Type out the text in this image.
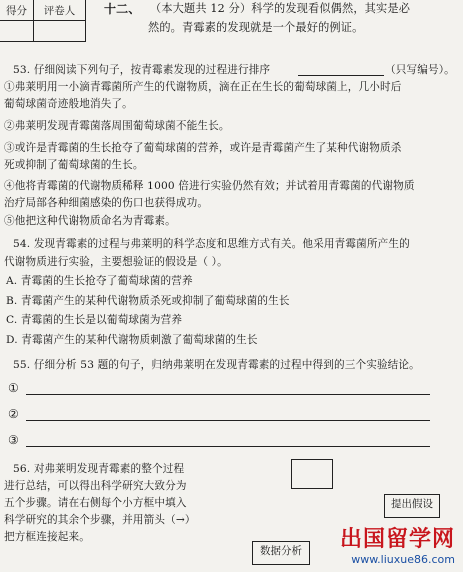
得分	评卷人
	十二、 （本大题共 12 分）科学的发现看似偶然，其实是必
然的。青霉素的发现就是一个最好的例证。
53. 仔细阅读下列句子，按青霉素发现的过程进行排序	（只写编号）。
①弗莱明用一小滴青霉菌所产生的代谢物质，滴在正在生长的葡萄球菌上，几小时后
葡萄球菌奇迹般地消失了。
②弗莱明发现青霉菌落周围葡萄球菌不能生长。
③或许是青霉菌的生长抢夺了葡萄球菌的营养，或许是青霉菌产生了某种代谢物质杀
死或抑制了葡萄球菌的生长。
④他将青霉菌的代谢物质稀释 1000 倍进行实验仍然有效；并试着用青霉菌的代谢物质
治疗局部各种细菌感染的伤口也获得成功。
⑤他把这种代谢物质命名为青霉素。
54. 发现青霉素的过程与弗莱明的科学态度和思维方式有关。他采用青霉菌所产生的
代谢物质进行实验，主要想验证的假设是（ ）。
A. 青霉菌的生长抢夺了葡萄球菌的营养
B. 青霉菌产生的某种代谢物质杀死或抑制了葡萄球菌的生长
C. 青霉菌的生长是以葡萄球菌为营养
D. 青霉菌产生的某种代谢物质刺激了葡萄球菌的生长
55. 仔细分析 53 题的句子，归纳弗莱明在发现青霉素的过程中得到的三个实验结论。
①
②
③
56. 对弗莱明发现青霉素的整个过程
进行总结，可以得出科学研究大致分为
五个步骤。请在右侧每个小方框中填入
科学研究的其余个步骤，并用箭头（→）
把方框连接起来。
提出假设
数据分析	出国留学网
www.liuxue86.com
